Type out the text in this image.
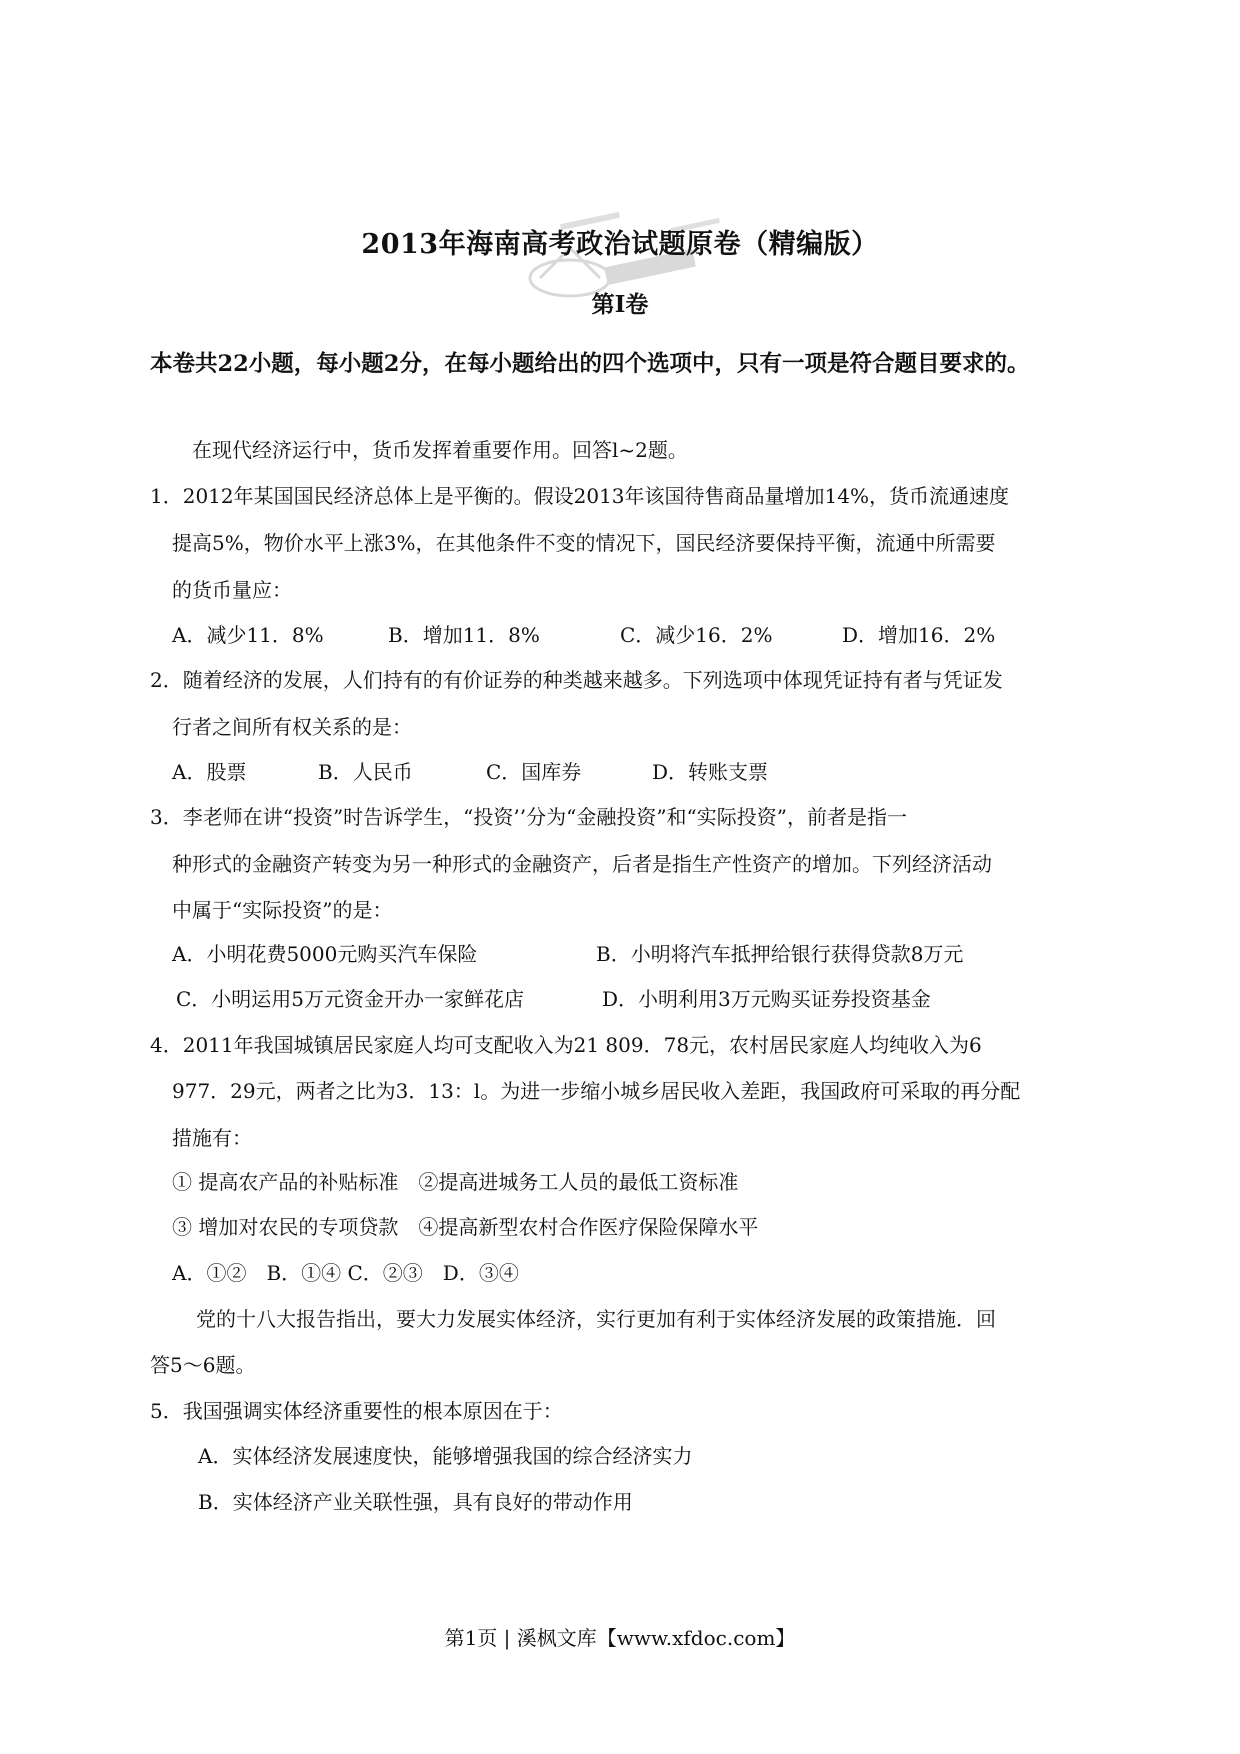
2013年海南高考政治试题原卷（精编版）
第I卷
本卷共22小题，每小题2分，在每小题给出的四个选项中，只有一项是符合题目要求的。
在现代经济运行中，货币发挥着重要作用。回答l~2题。
1．2012年某国国民经济总体上是平衡的。假设2013年该国待售商品量增加14%，货币流通速度
提高5%，物价水平上涨3%，在其他条件不变的情况下，国民经济要保持平衡，流通中所需要
的货币量应：
A．减少11．8%	B．增加11．8%	C．减少16．2%	D．增加16．2%
2．随着经济的发展，人们持有的有价证券的种类越来越多。下列选项中体现凭证持有者与凭证发
行者之间所有权关系的是：
A．股票	B．人民币	C．国库券	D．转账支票
3．李老师在讲“投资”时告诉学生，“投资’’分为“金融投资”和“实际投资”，前者是指一
种形式的金融资产转变为另一种形式的金融资产，后者是指生产性资产的增加。下列经济活动
中属于“实际投资”的是：
A．小明花费5000元购买汽车保险	B．小明将汽车抵押给银行获得贷款8万元
C．小明运用5万元资金开办一家鲜花店	D．小明利用3万元购买证券投资基金
4．2011年我国城镇居民家庭人均可支配收入为21 809．78元，农村居民家庭人均纯收入为6
977．29元，两者之比为3．13：l。为进一步缩小城乡居民收入差距，我国政府可采取的再分配
措施有：
① 提高农产品的补贴标准　②提高进城务工人员的最低工资标准
③ 增加对农民的专项贷款　④提高新型农村合作医疗保险保障水平
A．①②　B．①④ C．②③　D．③④
党的十八大报告指出，要大力发展实体经济，实行更加有利于实体经济发展的政策措施．回
答5～6题。
5．我国强调实体经济重要性的根本原因在于：
A．实体经济发展速度快，能够增强我国的综合经济实力
B．实体经济产业关联性强，具有良好的带动作用
第1页 | 溪枫文库【www.xfdoc.com】
